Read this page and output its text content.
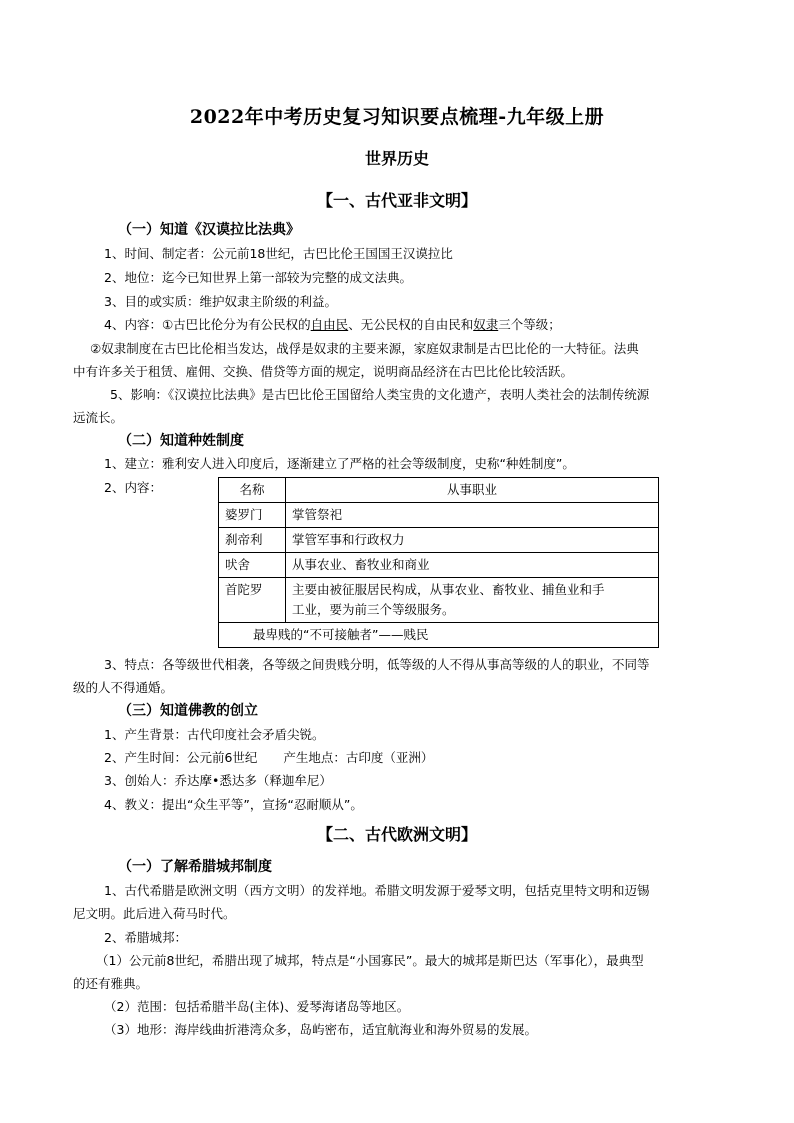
2022年中考历史复习知识要点梳理-九年级上册
世界历史
【一、古代亚非文明】
（一）知道《汉谟拉比法典》
1、时间、制定者：公元前18世纪，古巴比伦王国国王汉谟拉比
2、地位：迄今已知世界上第一部较为完整的成文法典。
3、目的或实质：维护奴隶主阶级的利益。
4、内容：①古巴比伦分为有公民权的自由民、无公民权的自由民和奴隶三个等级；
②奴隶制度在古巴比伦相当发达，战俘是奴隶的主要来源，家庭奴隶制是古巴比伦的一大特征。法典
中有许多关于租赁、雇佣、交换、借贷等方面的规定，说明商品经济在古巴比伦比较活跃。
5、影响：《汉谟拉比法典》是古巴比伦王国留给人类宝贵的文化遗产，表明人类社会的法制传统源
远流长。
（二）知道种姓制度
1、建立：雅利安人进入印度后，逐渐建立了严格的社会等级制度，史称“种姓制度”。
2、内容：	名称	从事职业
婆罗门	掌管祭祀
刹帝利	掌管军事和行政权力
吠舍	从事农业、畜牧业和商业
首陀罗	主要由被征服居民构成，从事农业、畜牧业、捕鱼业和手
工业，要为前三个等级服务。

最卑贱的“不可接触者”——贱民	
3、特点：各等级世代相袭，各等级之间贵贱分明，低等级的人不得从事高等级的人的职业，不同等
级的人不得通婚。
（三）知道佛教的创立
1、产生背景：古代印度社会矛盾尖锐。
2、产生时间：公元前6世纪 产生地点：古印度（亚洲）
3、创始人：乔达摩•悉达多（释迦牟尼）
4、教义：提出“众生平等”，宣扬“忍耐顺从”。
【二、古代欧洲文明】
（一）了解希腊城邦制度
1、古代希腊是欧洲文明（西方文明）的发祥地。希腊文明发源于爱琴文明，包括克里特文明和迈锡
尼文明。此后进入荷马时代。
2、希腊城邦：
（1）公元前8世纪，希腊出现了城邦，特点是“小国寡民”。最大的城邦是斯巴达（军事化），最典型
的还有雅典。
（2）范围：包括希腊半岛(主体)、爱琴海诸岛等地区。
（3）地形：海岸线曲折港湾众多，岛屿密布，适宜航海业和海外贸易的发展。
